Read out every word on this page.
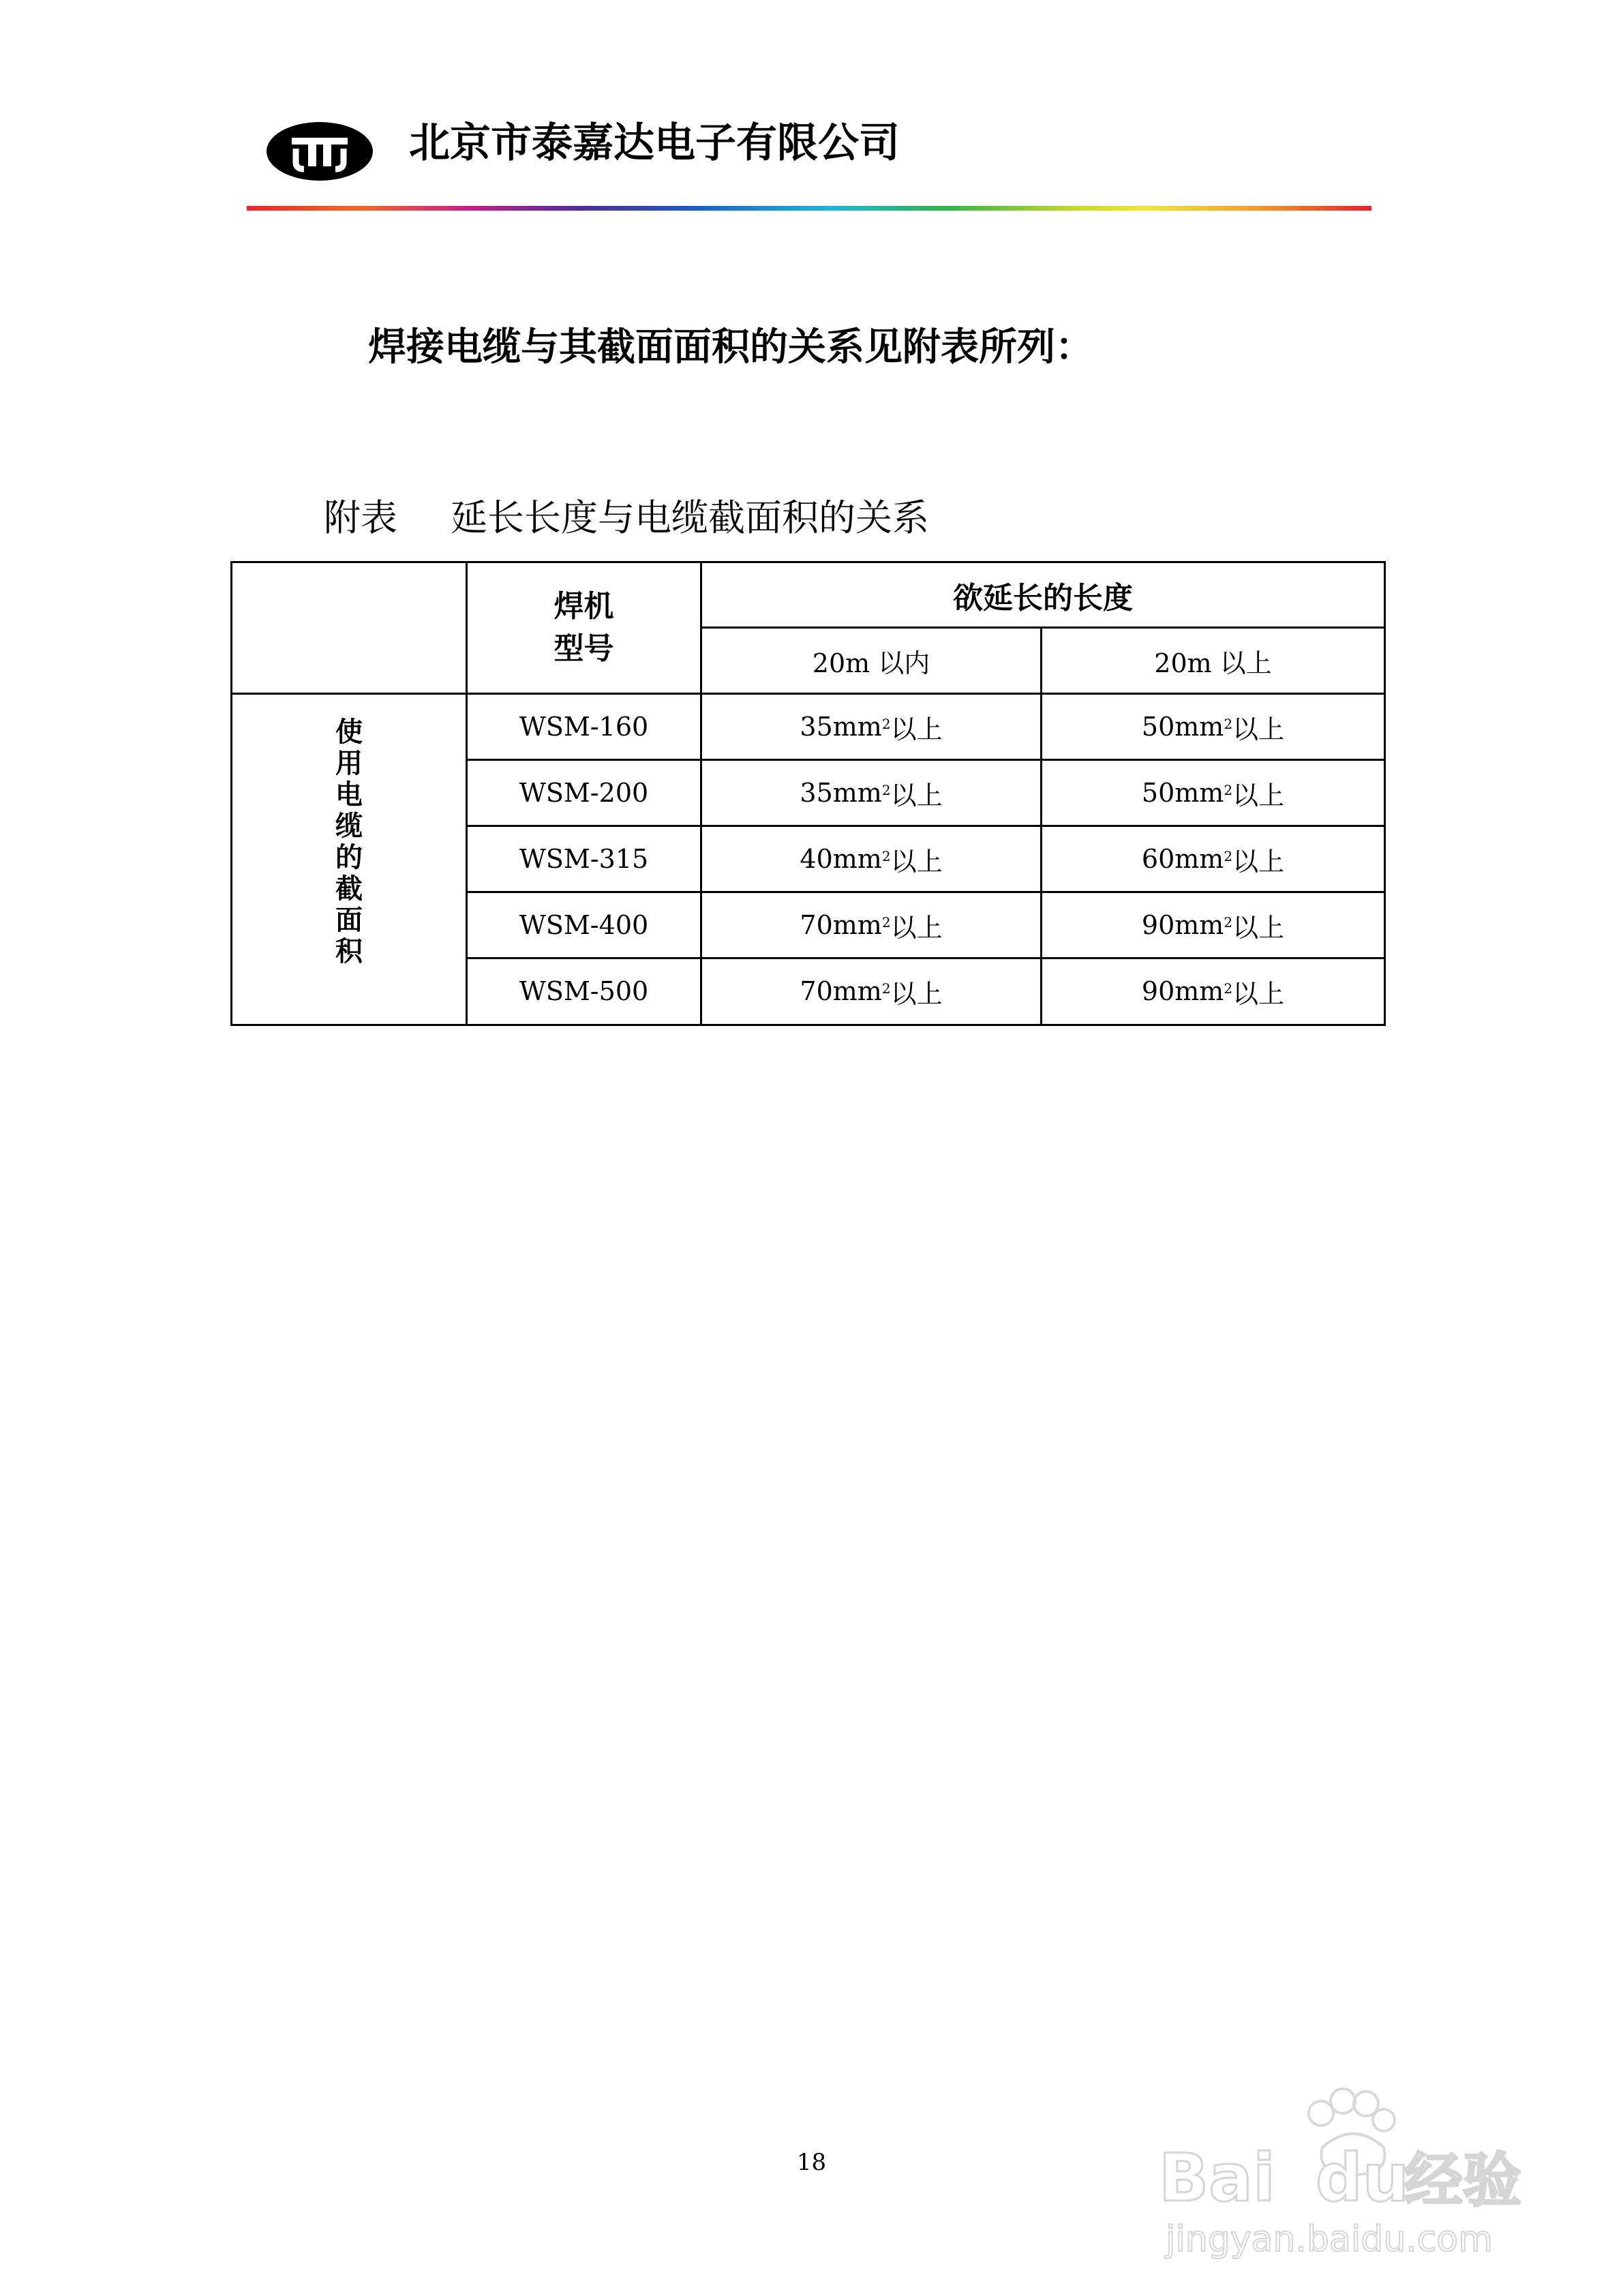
北京市泰嘉达电子有限公司
焊接电缆与其截面面积的关系见附表所列：
附表 延长长度与电缆截面积的关系
焊机
型号
欲延长的长度
20m 以内	20m 以上
使
用
电
缆
的
截
面
积
WSM-160	35 $mm^2$ 以上	50 $mm^2$ 以上
WSM-200	35 $mm^2$ 以上	50 $mm^2$ 以上
WSM-315	40 $mm^2$ 以上	60 $mm^2$ 以上
WSM-400	70 $mm^2$ 以上	90 $mm^2$ 以上
WSM-500	70 $mm^2$ 以上	90 $mm^2$ 以上
18	Bai du
经验
jingyan.baidu.com
